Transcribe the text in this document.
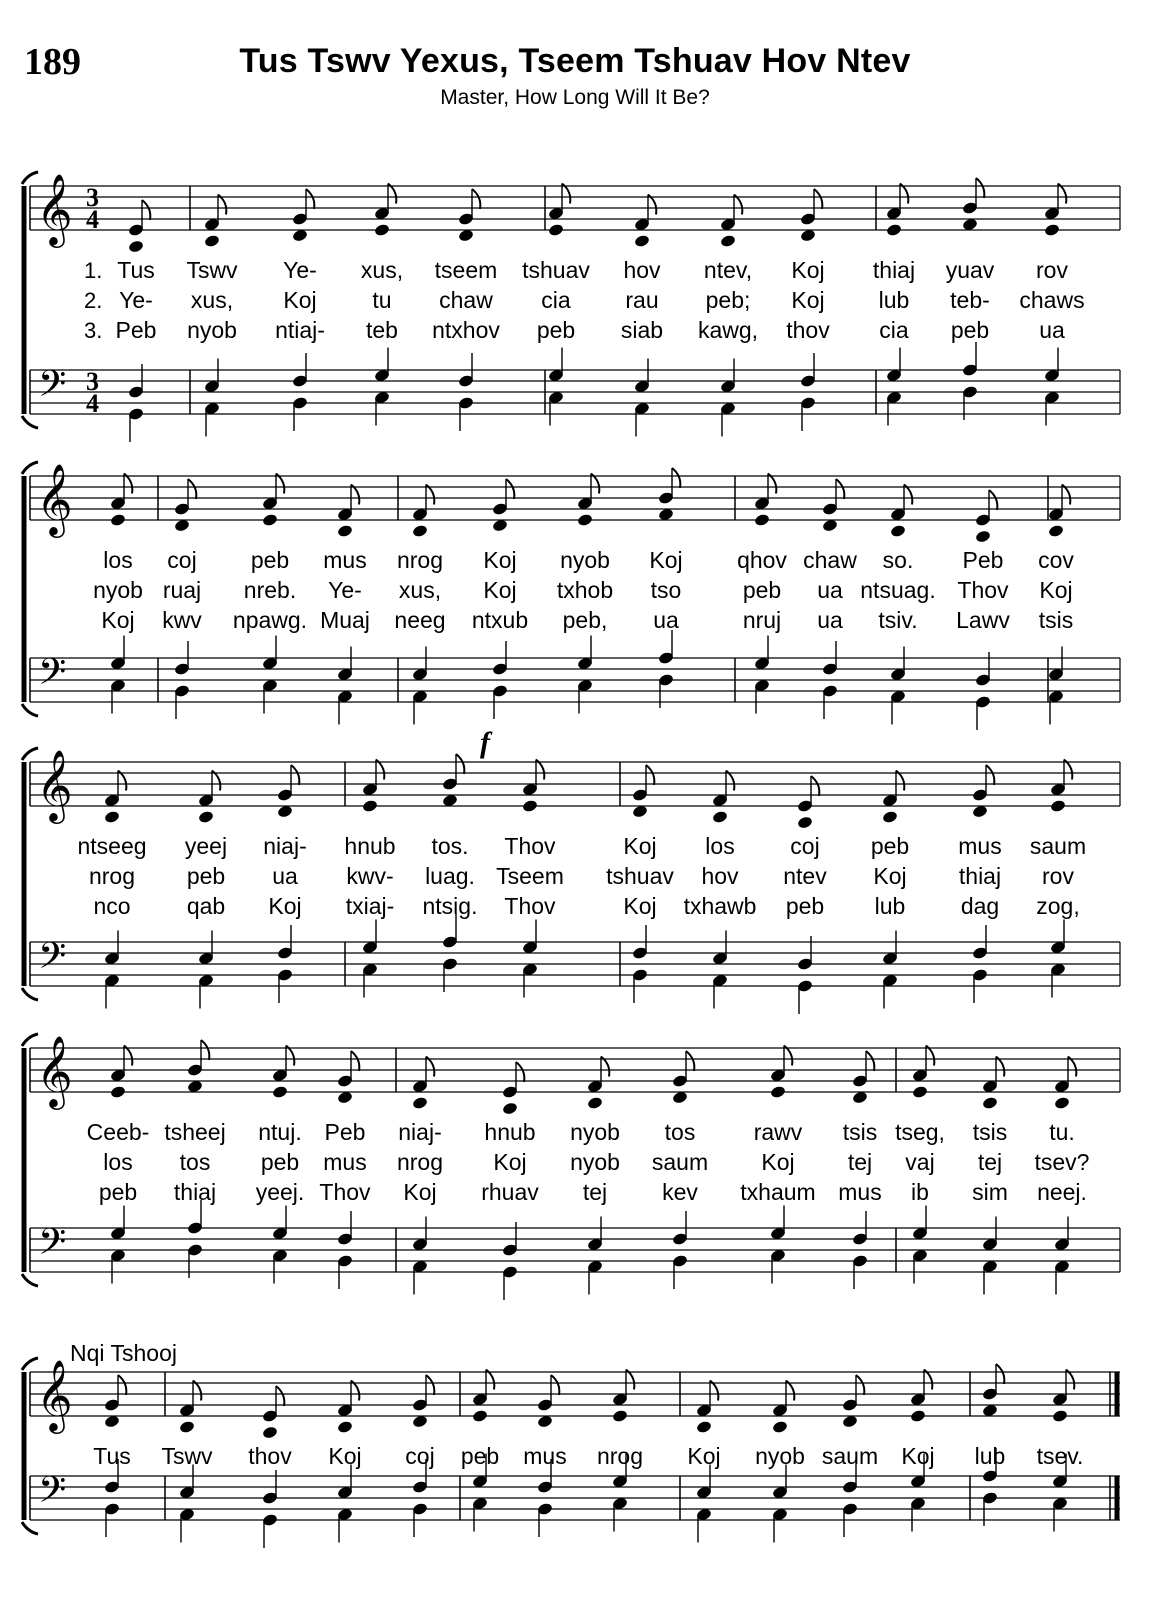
189	Tus Tswv Yexus, Tseem Tshuav Hov Ntev
Master, How Long Will It Be?
Nqi Tshooj
𝄞
𝄢
3
4
3
4
1. Tus Tswv Ye- xus, tseem tshuav hov ntev, Koj thiaj yuav rov
2. Ye- xus, Koj tu chaw cia rau peb; Koj lub teb- chaws
3. Peb nyob ntiaj- teb ntxhov peb siab kawg, thov cia peb ua
𝄞
𝄢
los coj peb mus nrog Koj nyob Koj qhov chaw so. Peb cov
nyob ruaj nreb. Ye- xus, Koj txhob tso	peb ua ntsuag. Thov Koj
Koj kwv npawg. Muaj neeg ntxub peb, ua	nruj ua tsiv. Lawv tsis
𝄞
𝄢
ntseeg yeej niaj- hnub tos. Thov	Koj los coj peb mus saum
nrog peb ua kwv- luag. Tseem tshuav hov ntev Koj thiaj rov
nco qab Koj txiaj- ntsig. Thov	Koj txhawb peb lub dag zog,
𝄞
𝄢
Ceeb- tsheej ntuj. Peb niaj- hnub nyob tos	rawv tsis tseg, tsis tu.
los tos peb mus nrog Koj nyob saum Koj tej vaj tej tsev?
peb thiaj yeej. Thov Koj rhuav tej kev txhaum mus ib sim neej.
𝄞
𝄢
Tus Tswv thov Koj coj peb mus nrog Koj nyob saum Koj lub tsev.
f
